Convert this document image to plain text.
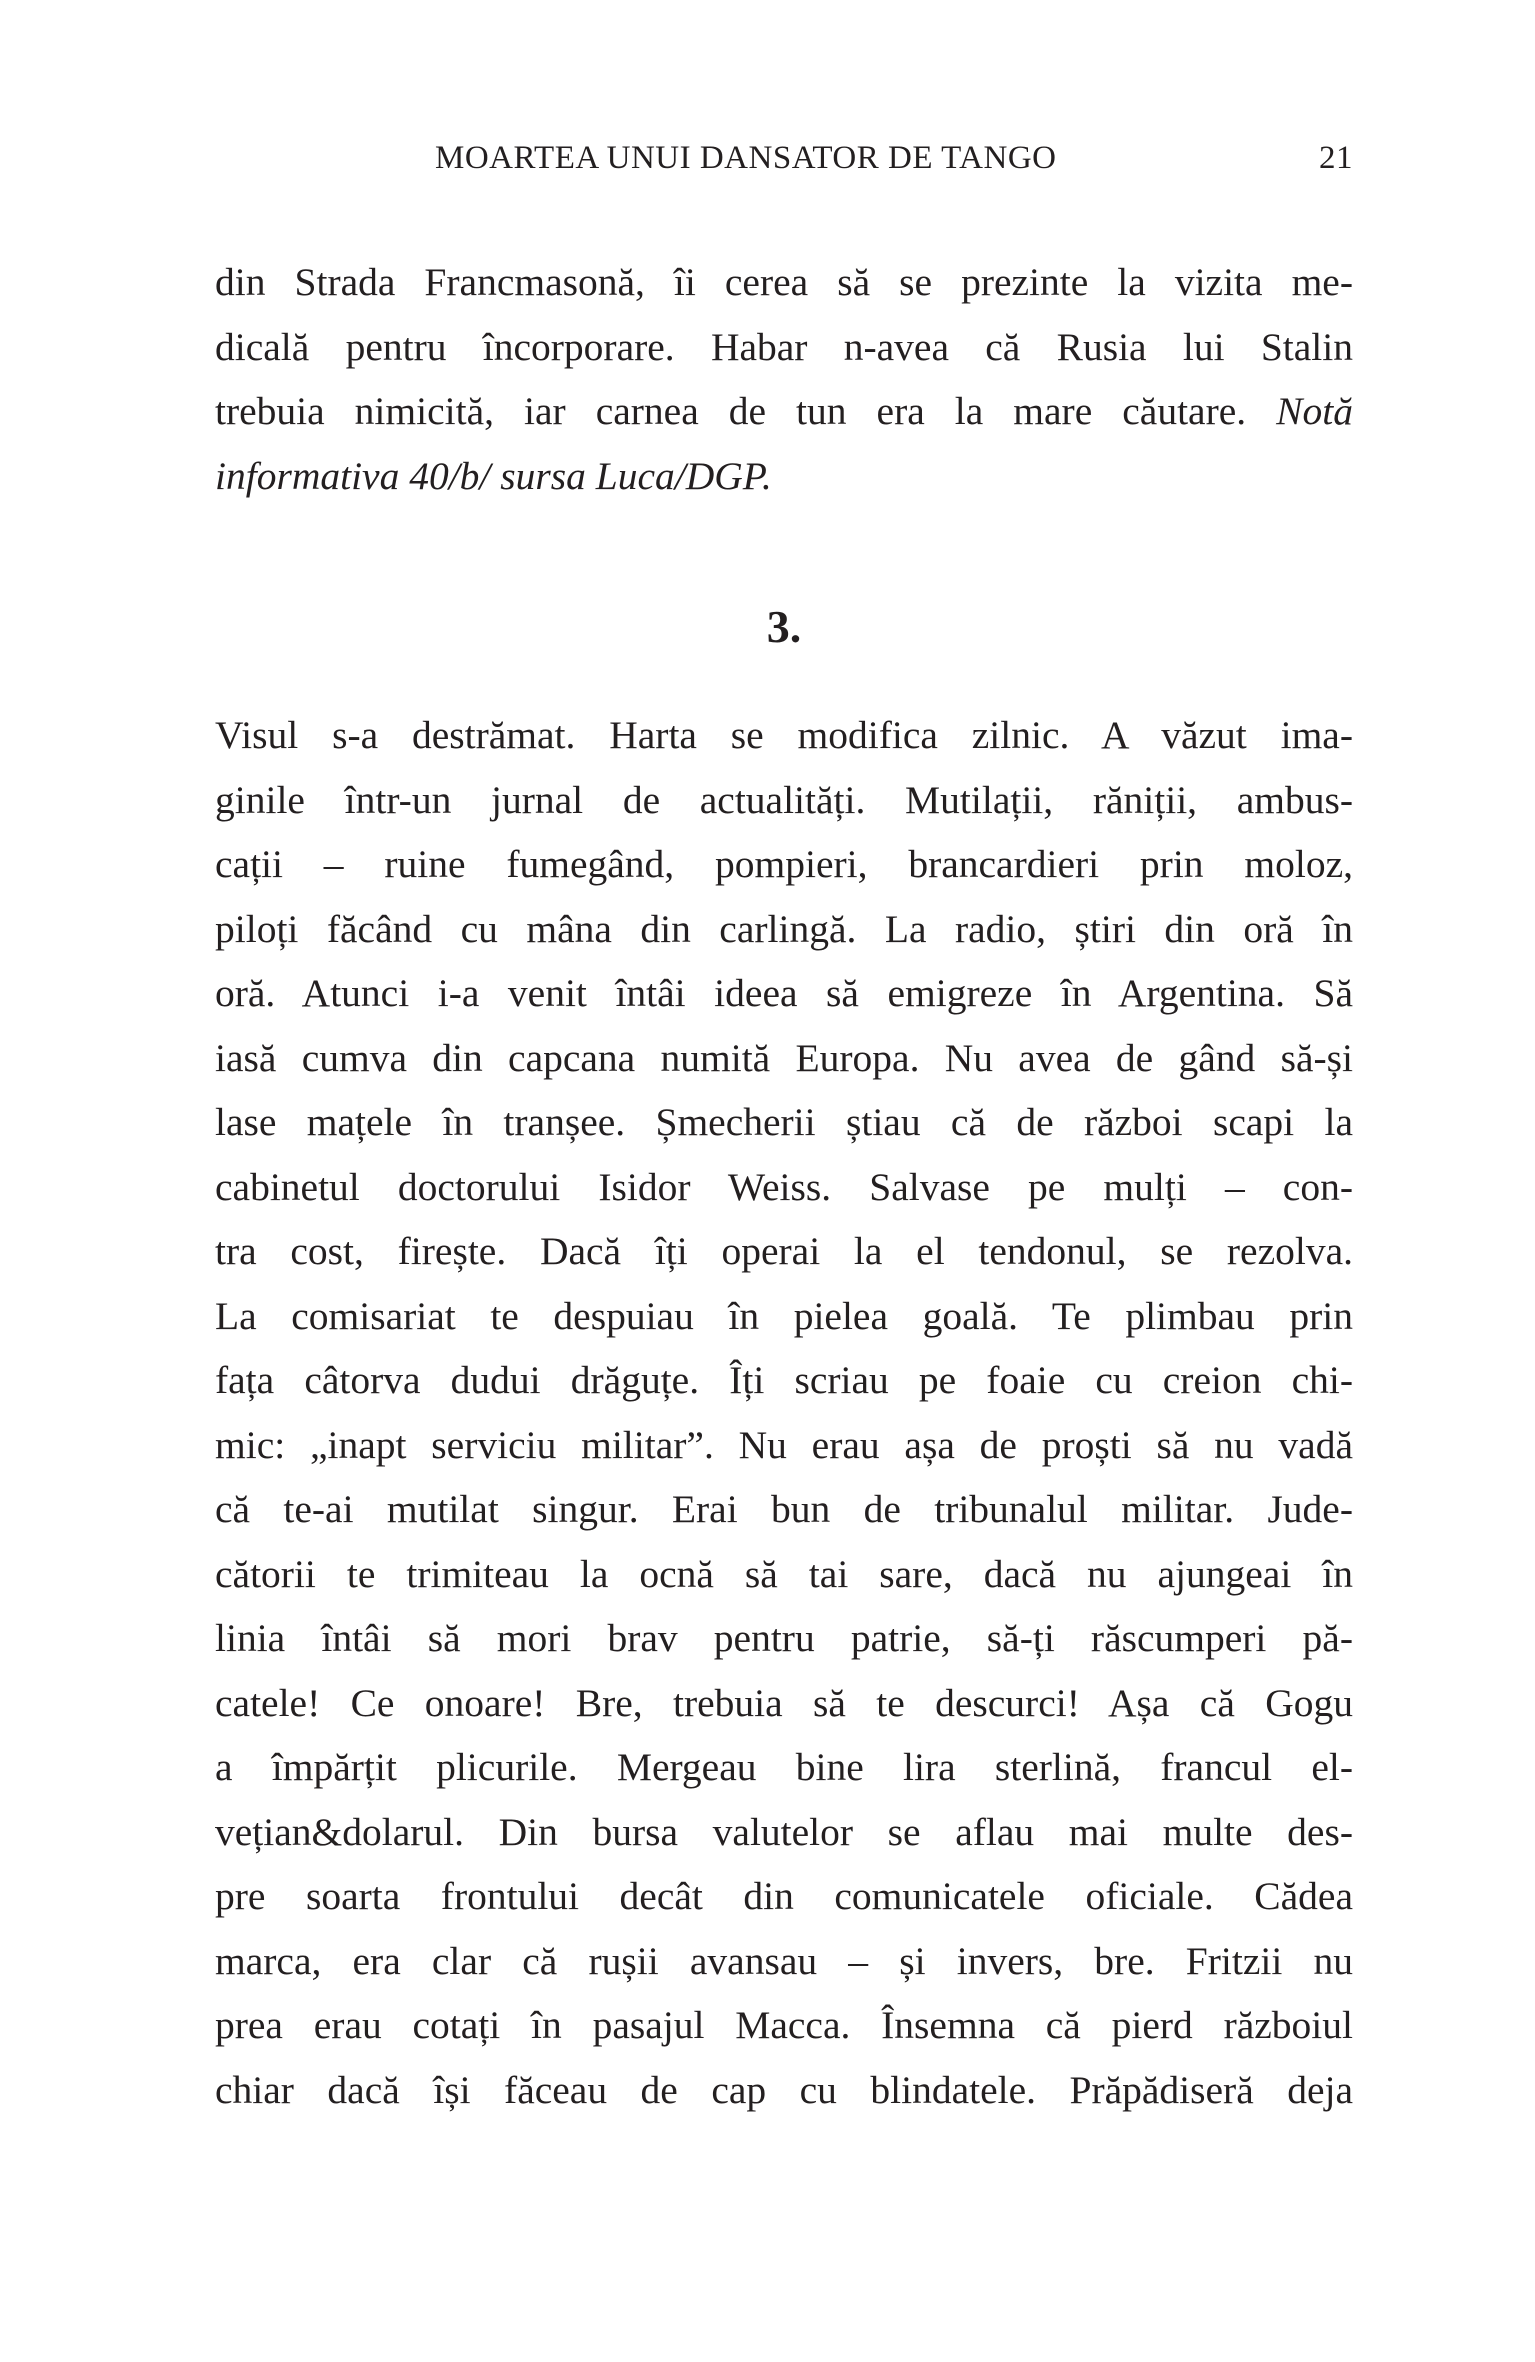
MOARTEA UNUI DANSATOR DE TANGO	21
din Strada Francmasonă, îi cerea să se prezinte la vizita me-
dicală pentru încorporare. Habar n-avea că Rusia lui Stalin
trebuia nimicită, iar carnea de tun era la mare căutare. Notă
informativa 40/b/ sursa Luca/DGP.
3.
Visul s-a destrămat. Harta se modifica zilnic. A văzut ima-
ginile într-un jurnal de actualități. Mutilații, răniții, ambus-
cații – ruine fumegând, pompieri, brancardieri prin moloz,
piloți făcând cu mâna din carlingă. La radio, știri din oră în
oră. Atunci i-a venit întâi ideea să emigreze în Argentina. Să
iasă cumva din capcana numită Europa. Nu avea de gând să-și
lase mațele în tranșee. Șmecherii știau că de război scapi la
cabinetul doctorului Isidor Weiss. Salvase pe mulți – con-
tra cost, firește. Dacă îți operai la el tendonul, se rezolva.
La comisariat te despuiau în pielea goală. Te plimbau prin
fața câtorva dudui drăguțe. Îți scriau pe foaie cu creion chi-
mic: „inapt serviciu militar”. Nu erau așa de proști să nu vadă
că te-ai mutilat singur. Erai bun de tribunalul militar. Jude-
cătorii te trimiteau la ocnă să tai sare, dacă nu ajungeai în
linia întâi să mori brav pentru patrie, să-ți răscumperi pă-
catele! Ce onoare! Bre, trebuia să te descurci! Așa că Gogu
a împărțit plicurile. Mergeau bine lira sterlină, francul el-
vețian&dolarul. Din bursa valutelor se aflau mai multe des-
pre soarta frontului decât din comunicatele oficiale. Cădea
marca, era clar că rușii avansau – și invers, bre. Fritzii nu
prea erau cotați în pasajul Macca. Însemna că pierd războiul
chiar dacă își făceau de cap cu blindatele. Prăpădiseră deja
